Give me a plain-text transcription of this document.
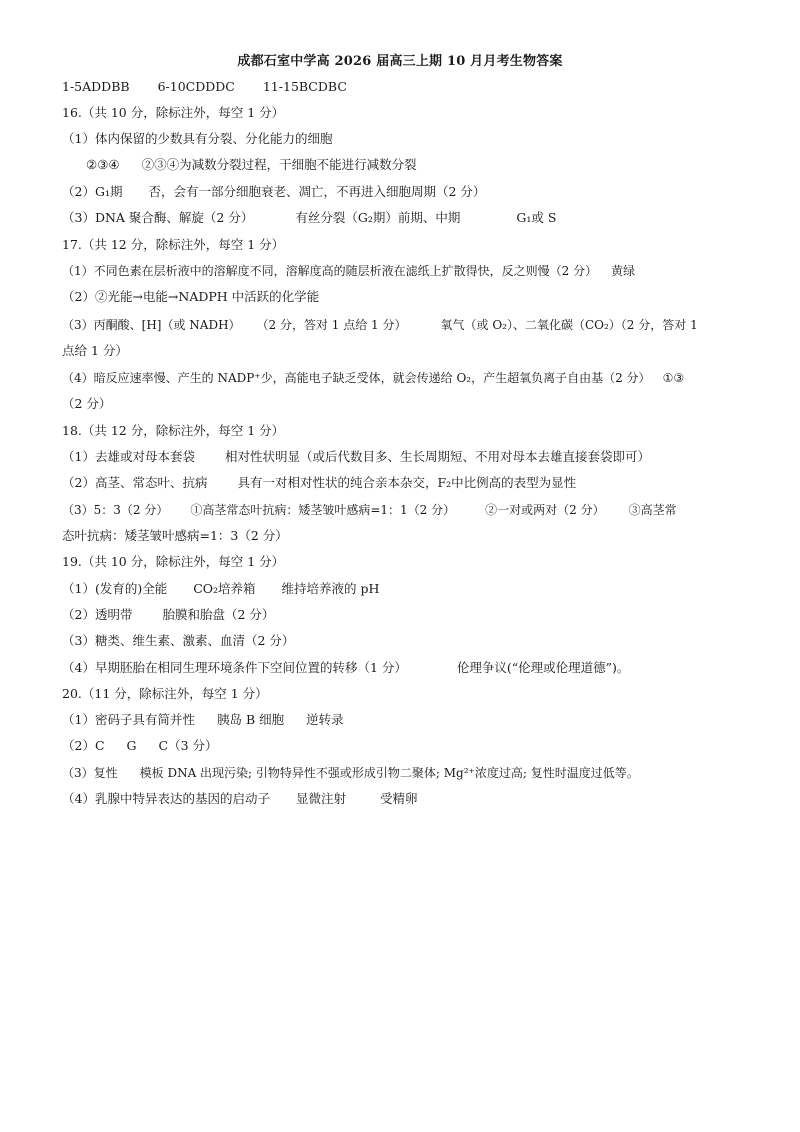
成都石室中学高 2026 届高三上期 10 月月考生物答案
1-5ADDBB 6-10CDDDC 11-15BCDBC
16.（共 10 分，除标注外，每空 1 分）
（1）体内保留的少数具有分裂、分化能力的细胞
②③④ ②③④为减数分裂过程，干细胞不能进行减数分裂
（2）G₁期 否，会有一部分细胞衰老、凋亡，不再进入细胞周期（2 分）
（3）DNA 聚合酶、解旋（2 分）	有丝分裂（G₂期）前期、中期	G₁或 S
17.（共 12 分，除标注外，每空 1 分）
（1）不同色素在层析液中的溶解度不同，溶解度高的随层析液在滤纸上扩散得快，反之则慢（2 分） 黄绿
（2）②光能→电能→NADPH 中活跃的化学能
（3）丙酮酸、[H]（或 NADH） （2 分，答对 1 点给 1 分）	氧气（或 O₂）、二氧化碳（CO₂）（2 分，答对 1
点给 1 分）
（4）暗反应速率慢、产生的 NADP⁺少，高能电子缺乏受体，就会传递给 O₂，产生超氧负离子自由基（2 分） ①③
（2 分）
18.（共 12 分，除标注外，每空 1 分）
（1）去雄或对母本套袋 相对性状明显（或后代数目多、生长周期短、不用对母本去雄直接套袋即可）
（2）高茎、常态叶、抗病 具有一对相对性状的纯合亲本杂交，F₂中比例高的表型为显性
（3）5：3（2 分） ①高茎常态叶抗病：矮茎皱叶感病=1：1（2 分）	②一对或两对（2 分） ③高茎常
态叶抗病：矮茎皱叶感病=1：3（2 分）
19.（共 10 分，除标注外，每空 1 分）
（1）(发育的)全能 CO₂培养箱 维持培养液的 pH
（2）透明带 胎膜和胎盘（2 分）
（3）糖类、维生素、激素、血清（2 分）
（4）早期胚胎在相同生理环境条件下空间位置的转移（1 分）	伦理争议(“伦理或伦理道德”)。
20.（11 分，除标注外，每空 1 分）
（1）密码子具有简并性 胰岛 B 细胞 逆转录
（2）C G C（3 分）
（3）复性 模板 DNA 出现污染; 引物特异性不强或形成引物二聚体; Mg²⁺浓度过高; 复性时温度过低等。
（4）乳腺中特异表达的基因的启动子 显微注射	受精卵
